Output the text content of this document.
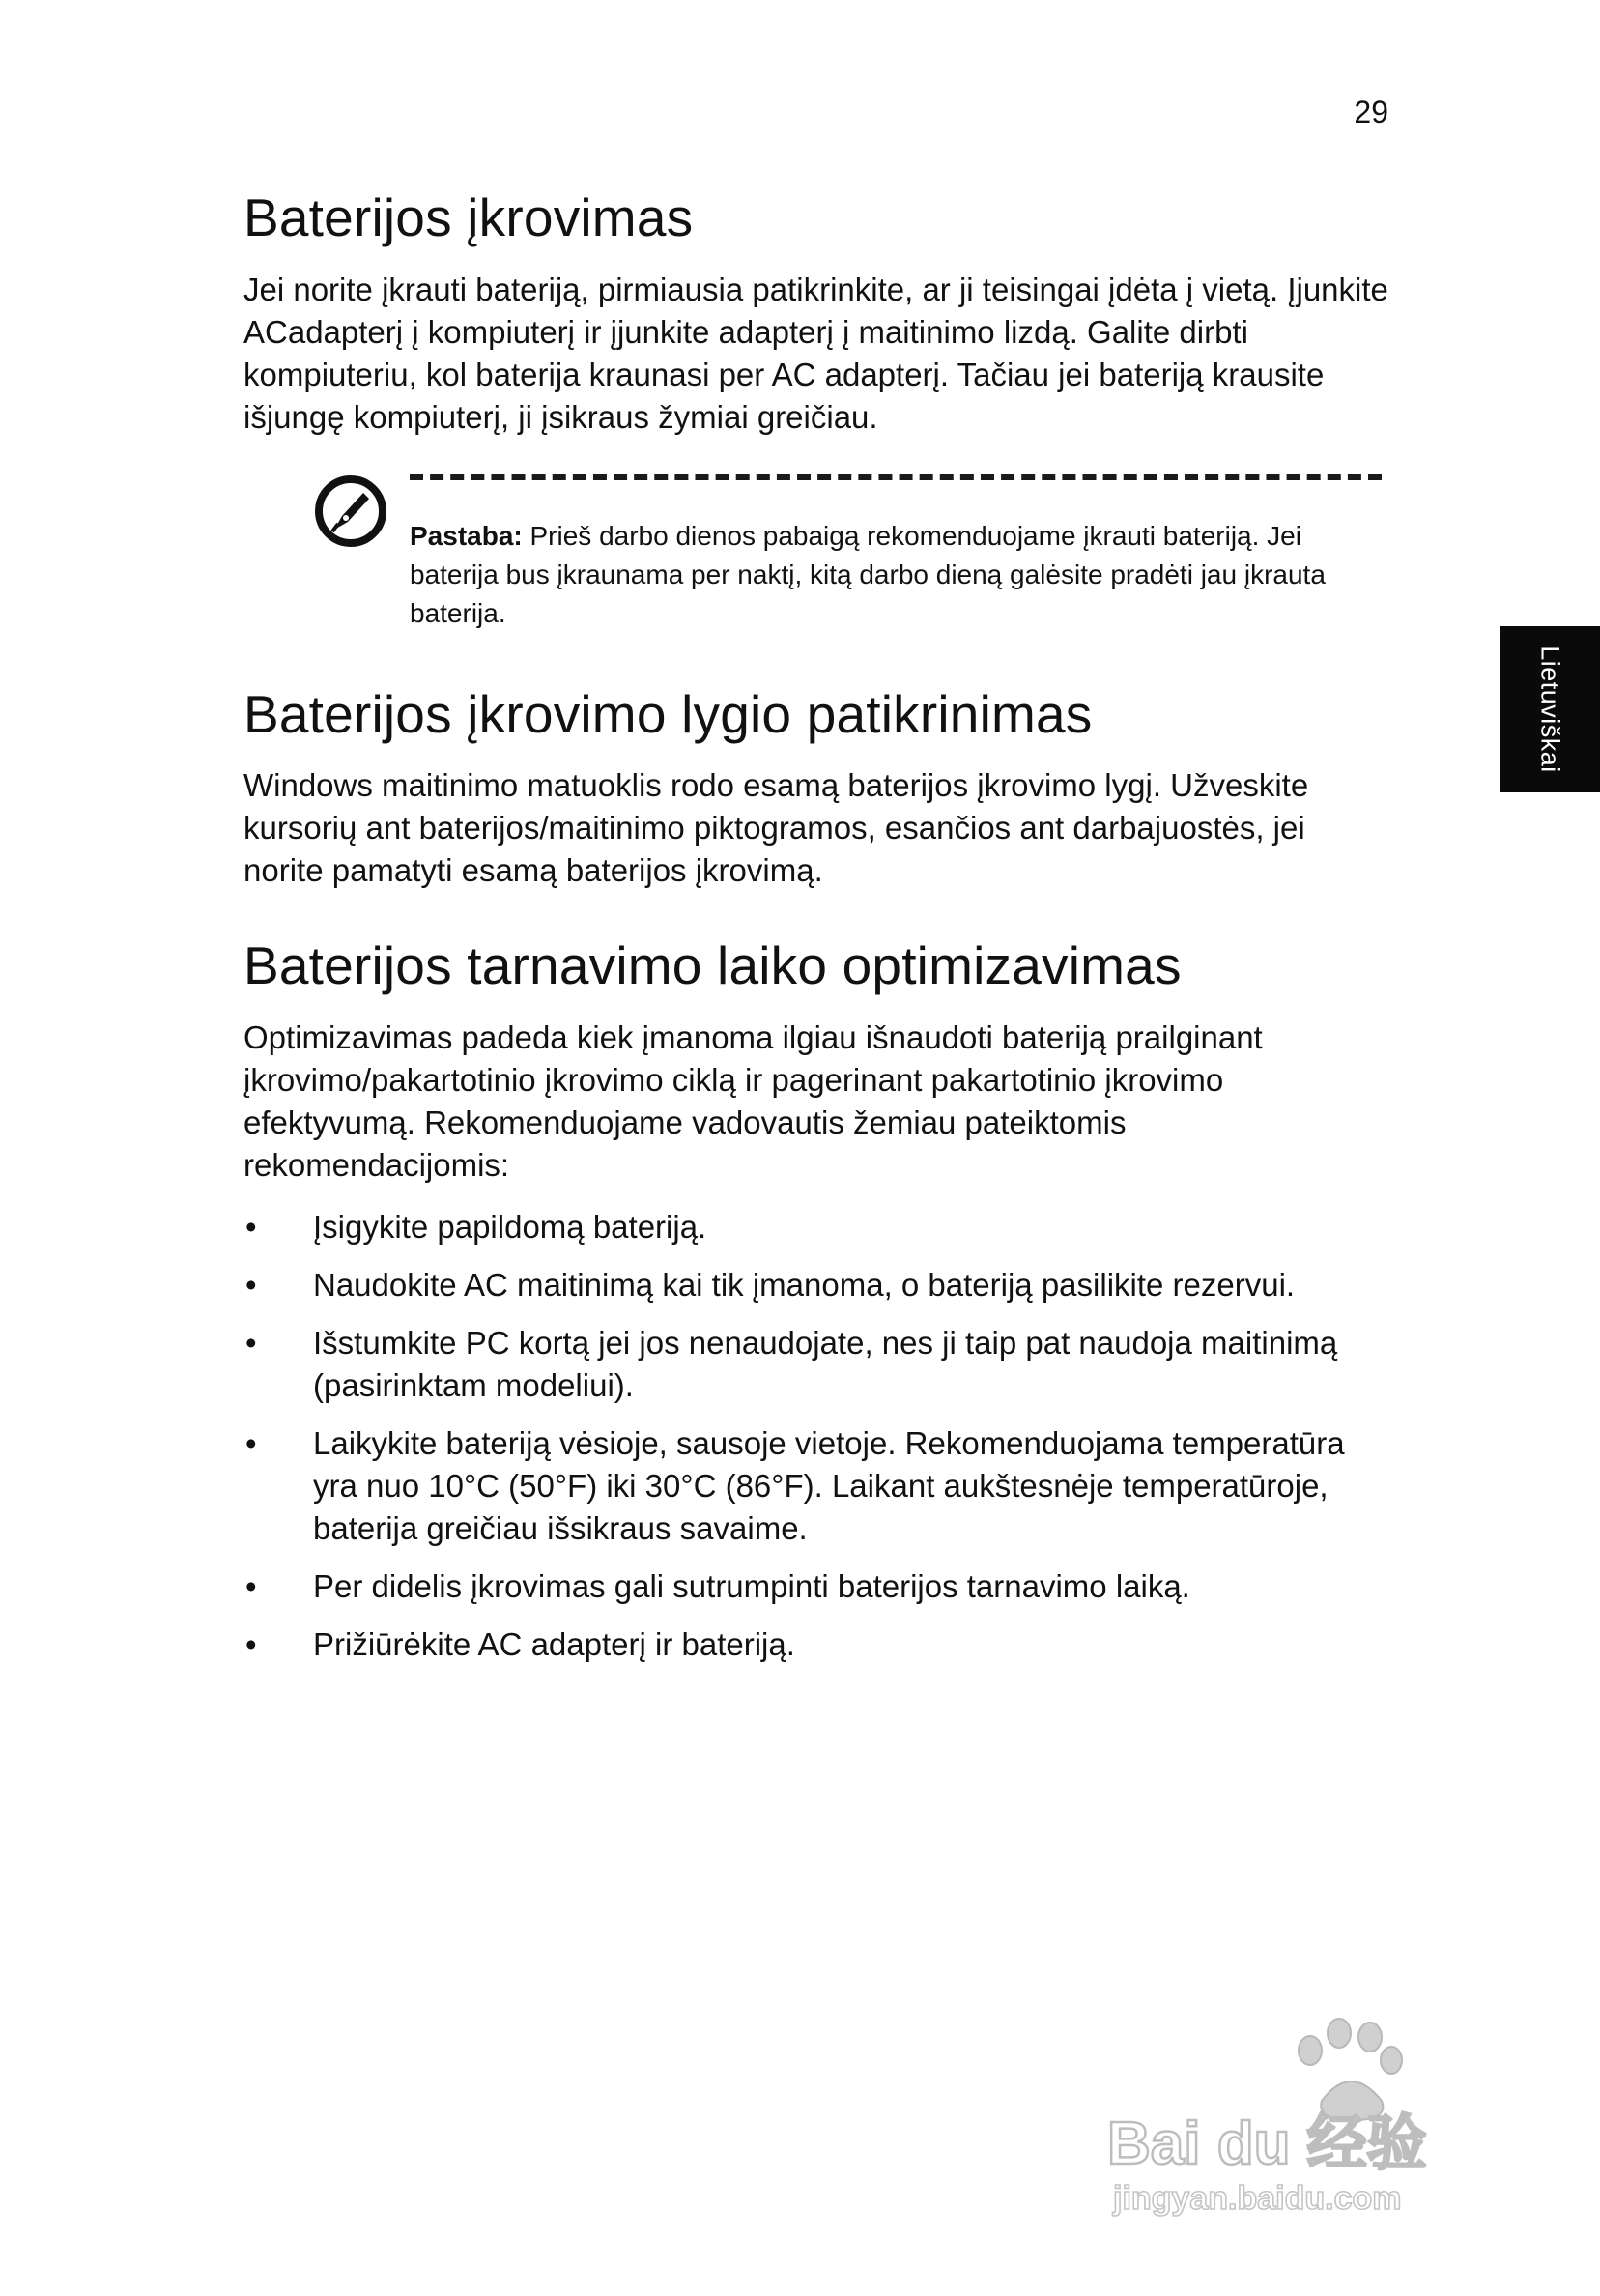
29
Lietuviškai
Baterijos įkrovimas

Jei norite įkrauti bateriją, pirmiausia patikrinkite, ar ji teisingai įdėta į vietą. Įjunkite ACadapterį į kompiuterį ir įjunkite adapterį į maitinimo lizdą. Galite dirbti kompiuteriu, kol baterija kraunasi per AC adapterį. Tačiau jei bateriją krausite išjungę kompiuterį, ji įsikraus žymiai greičiau.

Pastaba: Prieš darbo dienos pabaigą rekomenduojame įkrauti bateriją. Jei baterija bus įkraunama per naktį, kitą darbo dieną galėsite pradėti jau įkrauta baterija.
Baterijos įkrovimo lygio patikrinimas

Windows maitinimo matuoklis rodo esamą baterijos įkrovimo lygį. Užveskite kursorių ant baterijos/maitinimo piktogramos, esančios ant darbajuostės, jei norite pamatyti esamą baterijos įkrovimą.

Baterijos tarnavimo laiko optimizavimas

Optimizavimas padeda kiek įmanoma ilgiau išnaudoti bateriją prailginant įkrovimo/pakartotinio įkrovimo ciklą ir pagerinant pakartotinio įkrovimo efektyvumą. Rekomenduojame vadovautis žemiau pateiktomis rekomendacijomis:

• Įsigykite papildomą bateriją.
• Naudokite AC maitinimą kai tik įmanoma, o bateriją pasilikite rezervui.
• Išstumkite PC kortą jei jos nenaudojate, nes ji taip pat naudoja maitinimą (pasirinktam modeliui).
• Laikykite bateriją vėsioje, sausoje vietoje. Rekomenduojama temperatūra yra nuo 10°C (50°F) iki 30°C (86°F). Laikant aukštesnėje temperatūroje, baterija greičiau išsikraus savaime.
• Per didelis įkrovimas gali sutrumpinti baterijos tarnavimo laiką.
• Prižiūrėkite AC adapterį ir bateriją.
Bai du 经验
jingyan.baidu.com
